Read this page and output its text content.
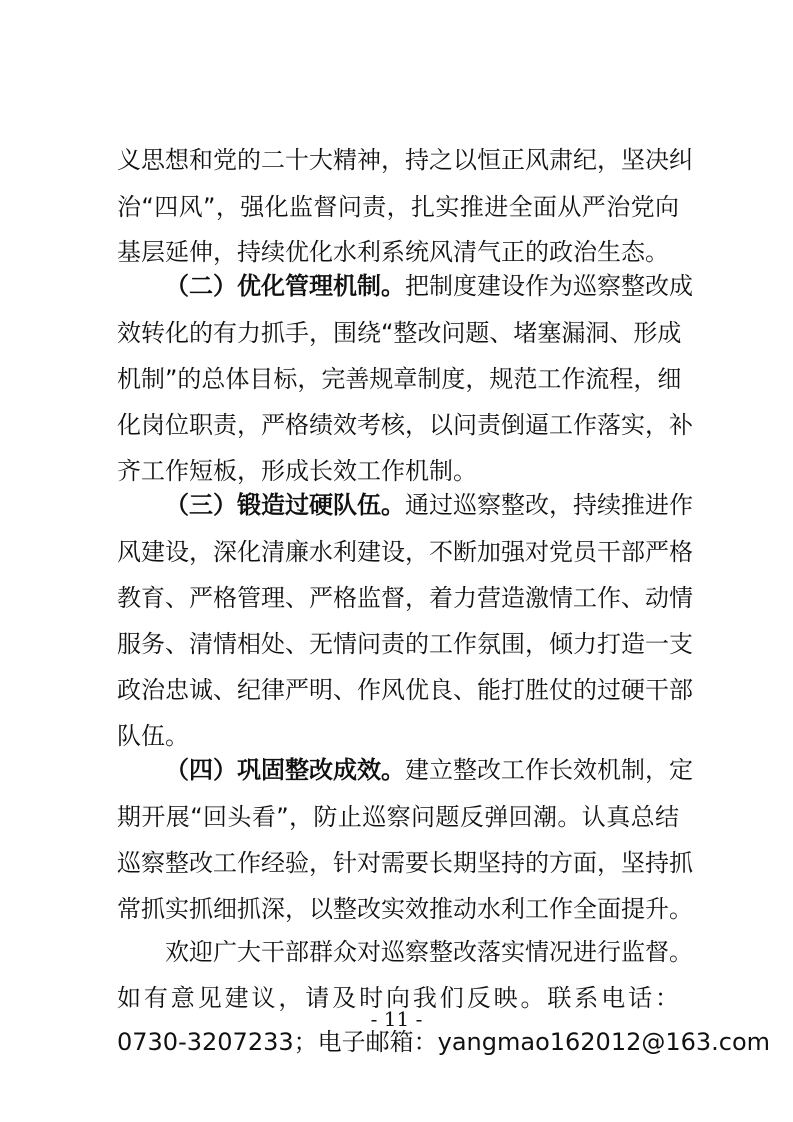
义思想和党的二十大精神，持之以恒正风肃纪，坚决纠
治“四风”，强化监督问责，扎实推进全面从严治党向
基层延伸，持续优化水利系统风清气正的政治生态。
（二）优化管理机制。把制度建设作为巡察整改成
效转化的有力抓手，围绕“整改问题、堵塞漏洞、形成
机制”的总体目标，完善规章制度，规范工作流程，细
化岗位职责，严格绩效考核，以问责倒逼工作落实，补
齐工作短板，形成长效工作机制。
（三）锻造过硬队伍。通过巡察整改，持续推进作
风建设，深化清廉水利建设，不断加强对党员干部严格
教育、严格管理、严格监督，着力营造激情工作、动情
服务、清情相处、无情问责的工作氛围，倾力打造一支
政治忠诚、纪律严明、作风优良、能打胜仗的过硬干部
队伍。
（四）巩固整改成效。建立整改工作长效机制，定
期开展“回头看”，防止巡察问题反弹回潮。认真总结
巡察整改工作经验，针对需要长期坚持的方面，坚持抓
常抓实抓细抓深，以整改实效推动水利工作全面提升。
欢迎广大干部群众对巡察整改落实情况进行监督。
如有意见建议，请及时向我们反映。联系电话：
0730-3207233；电子邮箱：yangmao162012@163.com
- 11 -
